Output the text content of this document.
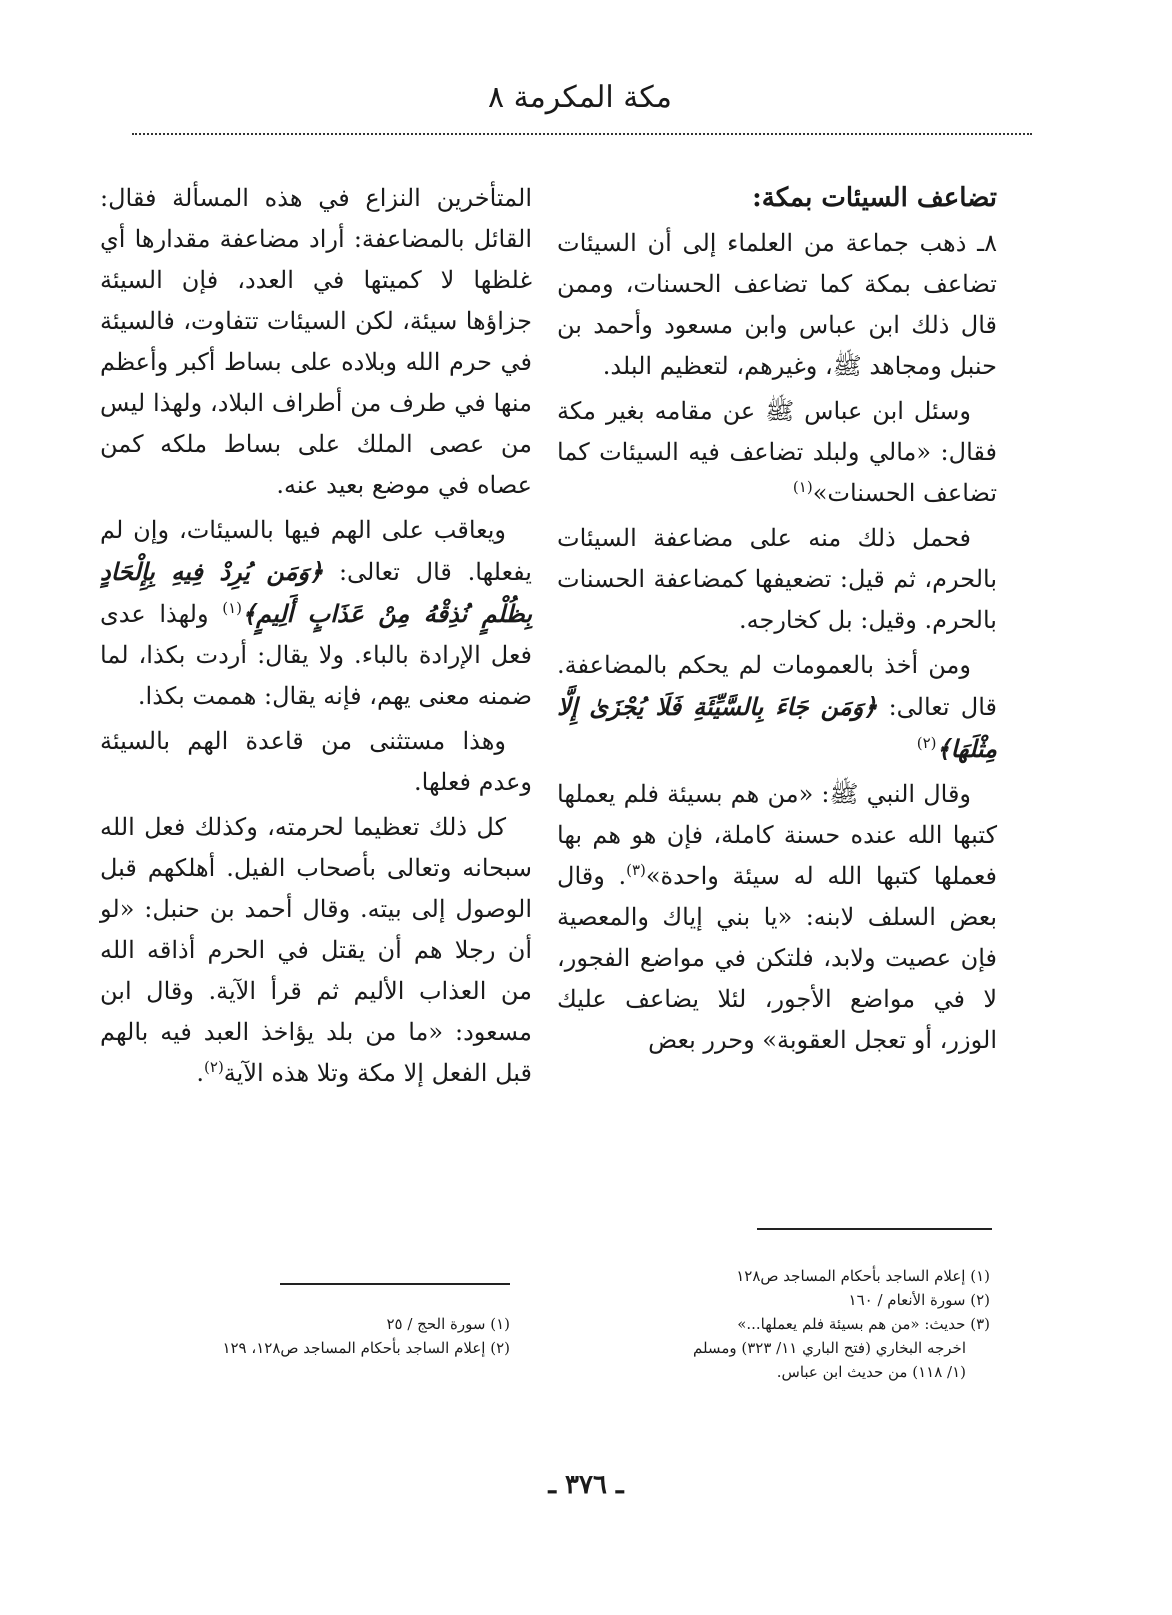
مكة المكرمة ٨

تضاعف السيئات بمكة:

٨ـ ذهب جماعة من العلماء إلى أن السيئات تضاعف بمكة كما تضاعف الحسنات، وممن قال ذلك ابن عباس وابن مسعود وأحمد بن حنبل ومجاهد ﷺ، وغيرهم، لتعظيم البلد.

وسئل ابن عباس ﷺ عن مقامه بغير مكة فقال: «مالي ولبلد تضاعف فيه السيئات كما تضاعف الحسنات»$^{(١)}$

فحمل ذلك منه على مضاعفة السيئات بالحرم، ثم قيل: تضعيفها كمضاعفة الحسنات بالحرم. وقيل: بل كخارجه.

ومن أخذ بالعمومات لم يحكم بالمضاعفة. قال تعالى: ﴿وَمَن جَاءَ بِالسَّيِّئَةِ فَلَا يُجْزَىٰ إِلَّا مِثْلَهَا﴾$^{(٢)}$

وقال النبي ﷺ: «من هم بسيئة فلم يعملها كتبها الله عنده حسنة كاملة، فإن هو هم بها فعملها كتبها الله له سيئة واحدة»$^{(٣)}$. وقال بعض السلف لابنه: «يا بني إياك والمعصية فإن عصيت ولابد، فلتكن في مواضع الفجور، لا في مواضع الأجور، لئلا يضاعف عليك الوزر، أو تعجل العقوبة» وحرر بعض

المتأخرين النزاع في هذه المسألة فقال: القائل بالمضاعفة: أراد مضاعفة مقدارها أي غلظها لا كميتها في العدد، فإن السيئة جزاؤها سيئة، لكن السيئات تتفاوت، فالسيئة في حرم الله وبلاده على بساط أكبر وأعظم منها في طرف من أطراف البلاد، ولهذا ليس من عصى الملك على بساط ملكه كمن عصاه في موضع بعيد عنه.

ويعاقب على الهم فيها بالسيئات، وإن لم يفعلها. قال تعالى: ﴿وَمَن يُرِدْ فِيهِ بِإِلْحَادٍ بِظُلْمٍ نُذِقْهُ مِنْ عَذَابٍ أَلِيمٍ﴾$^{(١)}$ ولهذا عدى فعل الإرادة بالباء. ولا يقال: أردت بكذا، لما ضمنه معنى يهم، فإنه يقال: هممت بكذا.

وهذا مستثنى من قاعدة الهم بالسيئة وعدم فعلها.

كل ذلك تعظيما لحرمته، وكذلك فعل الله سبحانه وتعالى بأصحاب الفيل. أهلكهم قبل الوصول إلى بيته. وقال أحمد بن حنبل: «لو أن رجلا هم أن يقتل في الحرم أذاقه الله من العذاب الأليم ثم قرأ الآية. وقال ابن مسعود: «ما من بلد يؤاخذ العبد فيه بالهم قبل الفعل إلا مكة وتلا هذه الآية$^{(٢)}$.

(١) إعلام الساجد بأحكام المساجد ص١٢٨
(٢) سورة الأنعام / ١٦٠
(٣) حديث: «من هم بسيئة فلم يعملها...»
اخرجه البخاري (فتح الباري ١١/ ٣٢٣) ومسلم
(١/ ١١٨) من حديث ابن عباس.
(١) سورة الحج / ٢٥
(٢) إعلام الساجد بأحكام المساجد ص١٢٨، ١٢٩
ـ ٣٧٦ ـ
